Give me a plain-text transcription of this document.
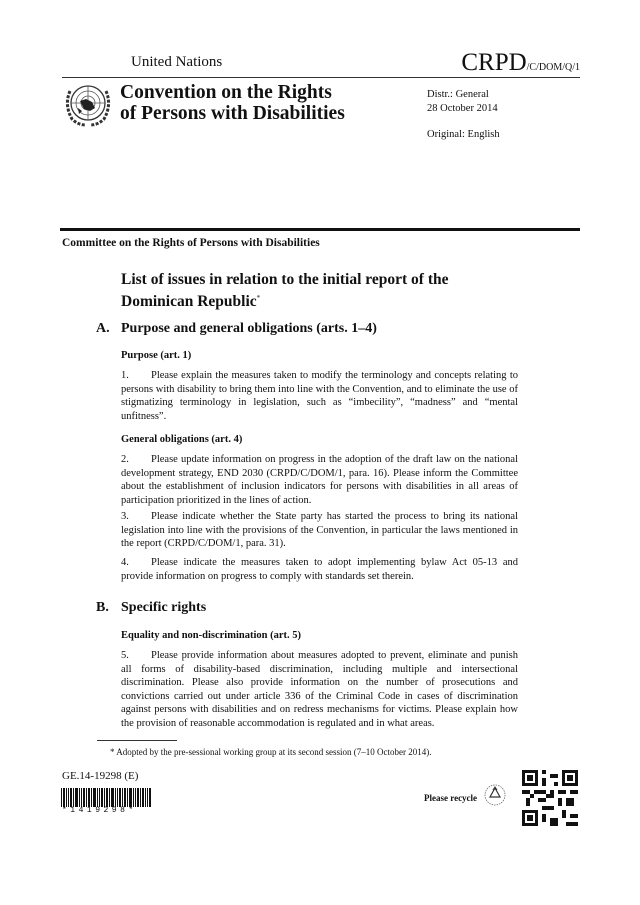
United Nations	CRPD/C/DOM/Q/1
Convention on the Rights
of Persons with Disabilities
Distr.: General
28 October 2014
Original: English
Committee on the Rights of Persons with Disabilities
List of issues in relation to the initial report of the
Dominican Republic*
A. Purpose and general obligations (arts. 1–4)
Purpose (art. 1)
1. Please explain the measures taken to modify the terminology and concepts relating to persons with disability to bring them into line with the Convention, and to eliminate the use of stigmatizing terminology in legislation, such as “imbecility”, “madness” and “mental unfitness”.
General obligations (art. 4)
2. Please update information on progress in the adoption of the draft law on the national development strategy, END 2030 (CRPD/C/DOM/1, para. 16). Please inform the Committee about the establishment of inclusion indicators for persons with disabilities in all areas of participation prioritized in the lines of action.
3. Please indicate whether the State party has started the process to bring its national legislation into line with the provisions of the Convention, in particular the laws mentioned in the report (CRPD/C/DOM/1, para. 31).
4. Please indicate the measures taken to adopt implementing bylaw Act 05-13 and provide information on progress to comply with standards set therein.
B. Specific rights
Equality and non-discrimination (art. 5)
5. Please provide information about measures adopted to prevent, eliminate and punish all forms of disability-based discrimination, including multiple and intersectional discrimination. Please also provide information on the number of prosecutions and convictions carried out under article 336 of the Criminal Code in cases of discrimination against persons with disabilities and on redress mechanisms for victims. Please explain how the provision of reasonable accommodation is regulated and in what areas.
* Adopted by the pre-sessional working group at its second session (7–10 October 2014).
GE.14-19298 (E)
*1419298*
Please recycle
